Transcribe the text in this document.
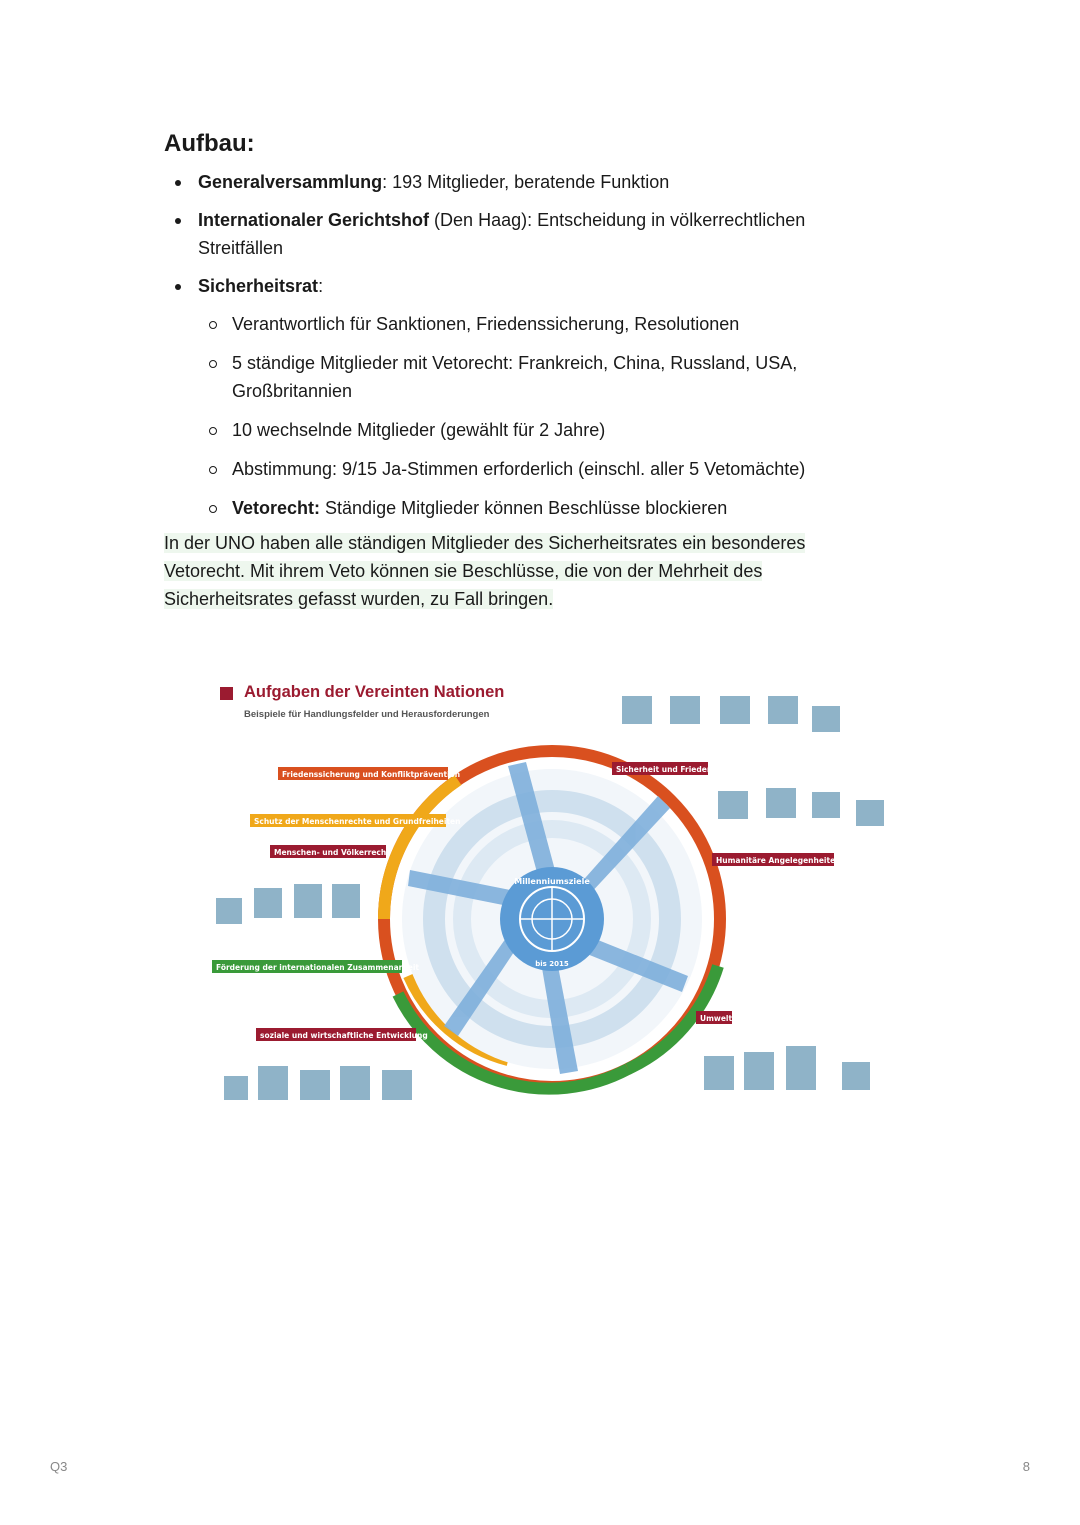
Aufbau:
Generalversammlung: 193 Mitglieder, beratende Funktion
Internationaler Gerichtshof (Den Haag): Entscheidung in völkerrechtlichen Streitfällen
Sicherheitsrat:
Verantwortlich für Sanktionen, Friedenssicherung, Resolutionen
5 ständige Mitglieder mit Vetorecht: Frankreich, China, Russland, USA, Großbritannien
10 wechselnde Mitglieder (gewählt für 2 Jahre)
Abstimmung: 9/15 Ja-Stimmen erforderlich (einschl. aller 5 Vetomächte)
Vetorecht: Ständige Mitglieder können Beschlüsse blockieren

In der UNO haben alle ständigen Mitglieder des Sicherheitsrates ein besonderes Vetorecht. Mit ihrem Veto können sie Beschlüsse, die von der Mehrheit des Sicherheitsrates gefasst wurden, zu Fall bringen.

Aufgaben der Vereinten Nationen
Beispiele für Handlungsfelder und Herausforderungen
Millenniumsziele
bis 2015
Friedenssicherung und Konfliktprävention
Schutz der Menschenrechte und Grundfreiheiten
Menschen- und Völkerrecht
Förderung der internationalen Zusammenarbeit
soziale und wirtschaftliche Entwicklung
Sicherheit und Frieden
Humanitäre Angelegenheiten
Umwelt
Q3	8
